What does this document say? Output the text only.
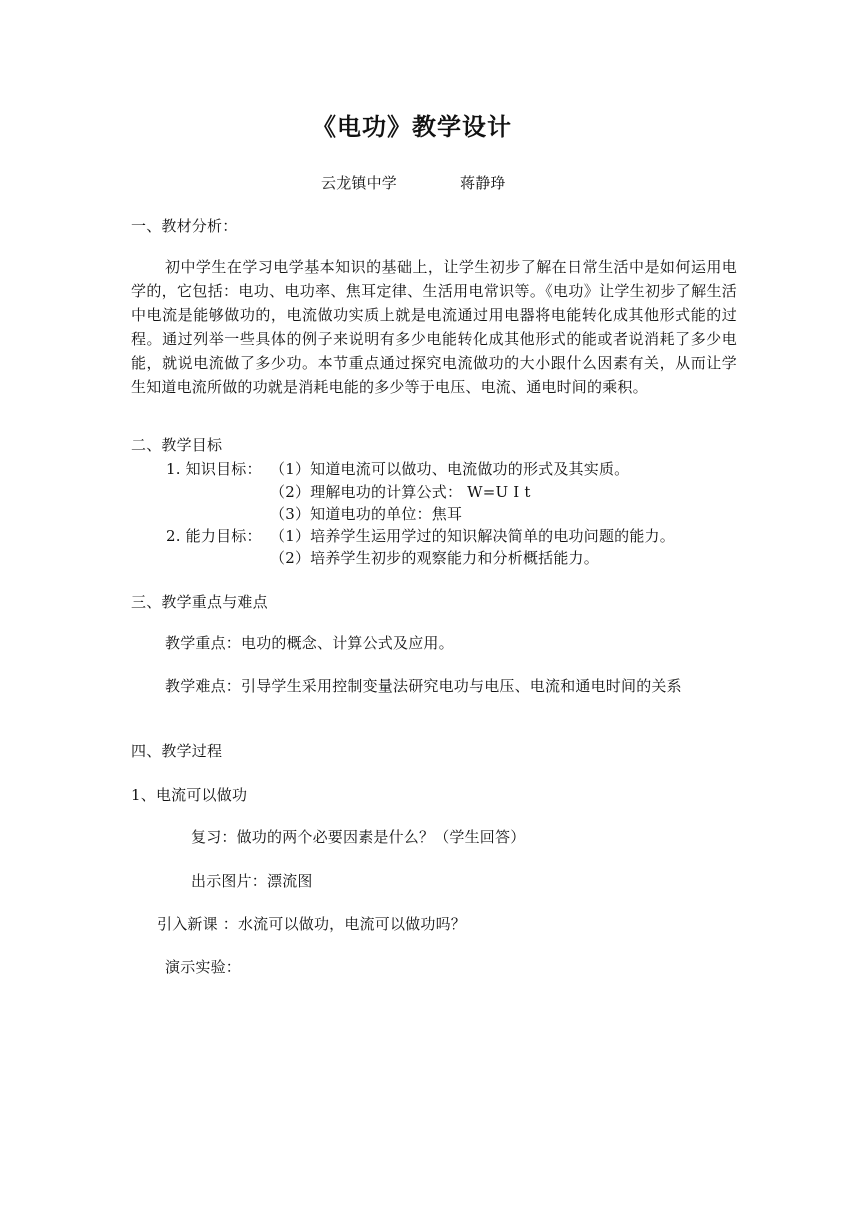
《电功》教学设计
云龙镇中学	蒋静琤
一、教材分析：
初中学生在学习电学基本知识的基础上，让学生初步了解在日常生活中是如何运用电学的，它包括：电功、电功率、焦耳定律、生活用电常识等。《电功》让学生初步了解生活中电流是能够做功的，电流做功实质上就是电流通过用电器将电能转化成其他形式能的过程。通过列举一些具体的例子来说明有多少电能转化成其他形式的能或者说消耗了多少电能，就说电流做了多少功。本节重点通过探究电流做功的大小跟什么因素有关，从而让学生知道电流所做的功就是消耗电能的多少等于电压、电流、通电时间的乘积。
二、教学目标
1. 知识目标： （1）知道电流可以做功、电流做功的形式及其实质。
（2）理解电功的计算公式： W=U I t
（3）知道电功的单位：焦耳
2. 能力目标： （1）培养学生运用学过的知识解决简单的电功问题的能力。
（2）培养学生初步的观察能力和分析概括能力。
三、教学重点与难点
教学重点：电功的概念、计算公式及应用。
教学难点：引导学生采用控制变量法研究电功与电压、电流和通电时间的关系
四、教学过程
1、电流可以做功
复习：做功的两个必要因素是什么？（学生回答）
出示图片：漂流图
引入新课 ：水流可以做功，电流可以做功吗？
演示实验：
